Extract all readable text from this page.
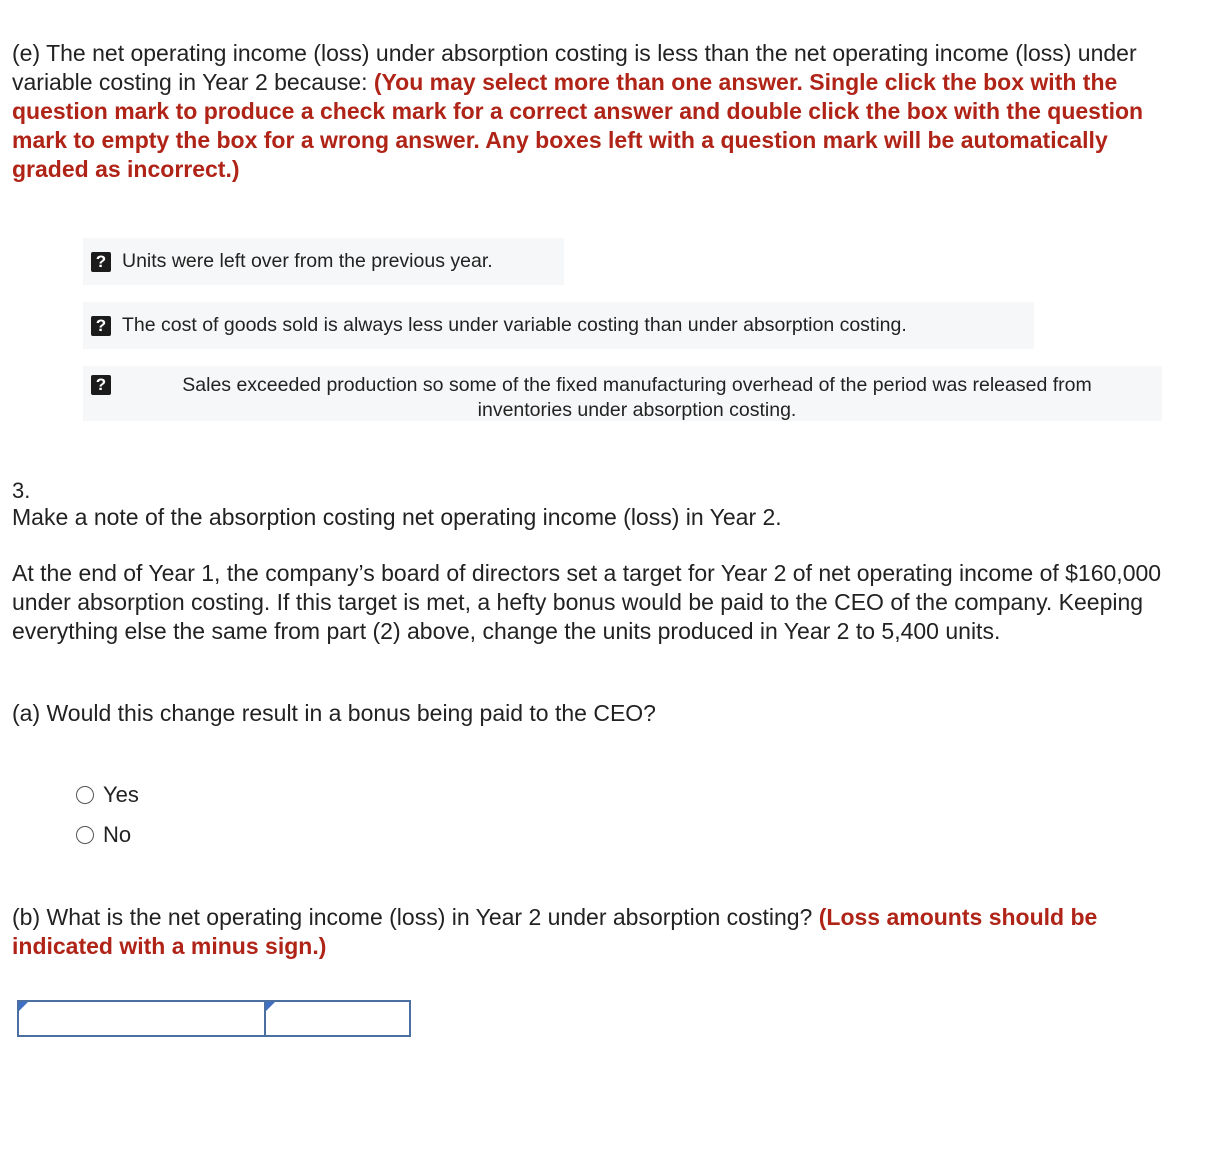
(e) The net operating income (loss) under absorption costing is less than the net operating income (loss) under variable costing in Year 2 because: (You may select more than one answer. Single click the box with the question mark to produce a check mark for a correct answer and double click the box with the question mark to empty the box for a wrong answer. Any boxes left with a question mark will be automatically graded as incorrect.)
? Units were left over from the previous year.
? The cost of goods sold is always less under variable costing than under absorption costing.
?	Sales exceeded production so some of the fixed manufacturing overhead of the period was released from inventories under absorption costing.
3.
Make a note of the absorption costing net operating income (loss) in Year 2.
At the end of Year 1, the company’s board of directors set a target for Year 2 of net operating income of $160,000 under absorption costing. If this target is met, a hefty bonus would be paid to the CEO of the company. Keeping everything else the same from part (2) above, change the units produced in Year 2 to 5,400 units.
(a) Would this change result in a bonus being paid to the CEO?
Yes
No
(b) What is the net operating income (loss) in Year 2 under absorption costing? (Loss amounts should be indicated with a minus sign.)
